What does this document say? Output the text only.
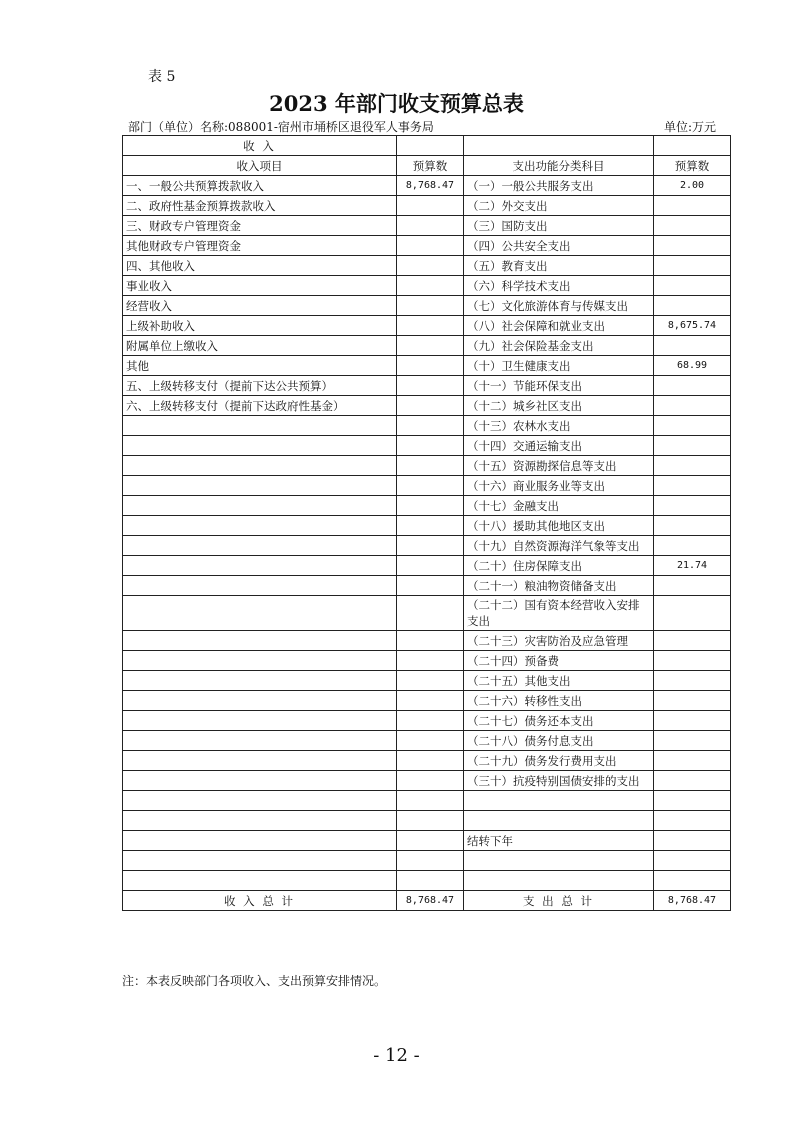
表 5
2023 年部门收支预算总表
部门（单位）名称:088001-宿州市埇桥区退役军人事务局	单位:万元
收 入			
收入项目	预算数	支出功能分类科目	预算数
一、一般公共预算拨款收入	8,768.47	（一）一般公共服务支出	2.00
二、政府性基金预算拨款收入		（二）外交支出	
三、财政专户管理资金		（三）国防支出	
其他财政专户管理资金		（四）公共安全支出	
四、其他收入		（五）教育支出	
事业收入		（六）科学技术支出	
经营收入		（七）文化旅游体育与传媒支出	
上级补助收入		（八）社会保障和就业支出	8,675.74
附属单位上缴收入		（九）社会保险基金支出	
其他		（十）卫生健康支出	68.99
五、上级转移支付（提前下达公共预算）		（十一）节能环保支出	
六、上级转移支付（提前下达政府性基金）		（十二）城乡社区支出	
		（十三）农林水支出	
		（十四）交通运输支出	
		（十五）资源勘探信息等支出	
		（十六）商业服务业等支出	
		（十七）金融支出	
		（十八）援助其他地区支出	
		（十九）自然资源海洋气象等支出	
		（二十）住房保障支出	21.74
		（二十一）粮油物资储备支出	
		（二十二）国有资本经营收入安排支出	
		（二十三）灾害防治及应急管理	
		（二十四）预备费	
		（二十五）其他支出	
		（二十六）转移性支出	
		（二十七）债务还本支出	
		（二十八）债务付息支出	
		（二十九）债务发行费用支出	
		（三十）抗疫特别国债安排的支出	

		结转下年	

收 入 总 计	8,768.47	支 出 总 计	8,768.47
注：本表反映部门各项收入、支出预算安排情况。
- 12 -
